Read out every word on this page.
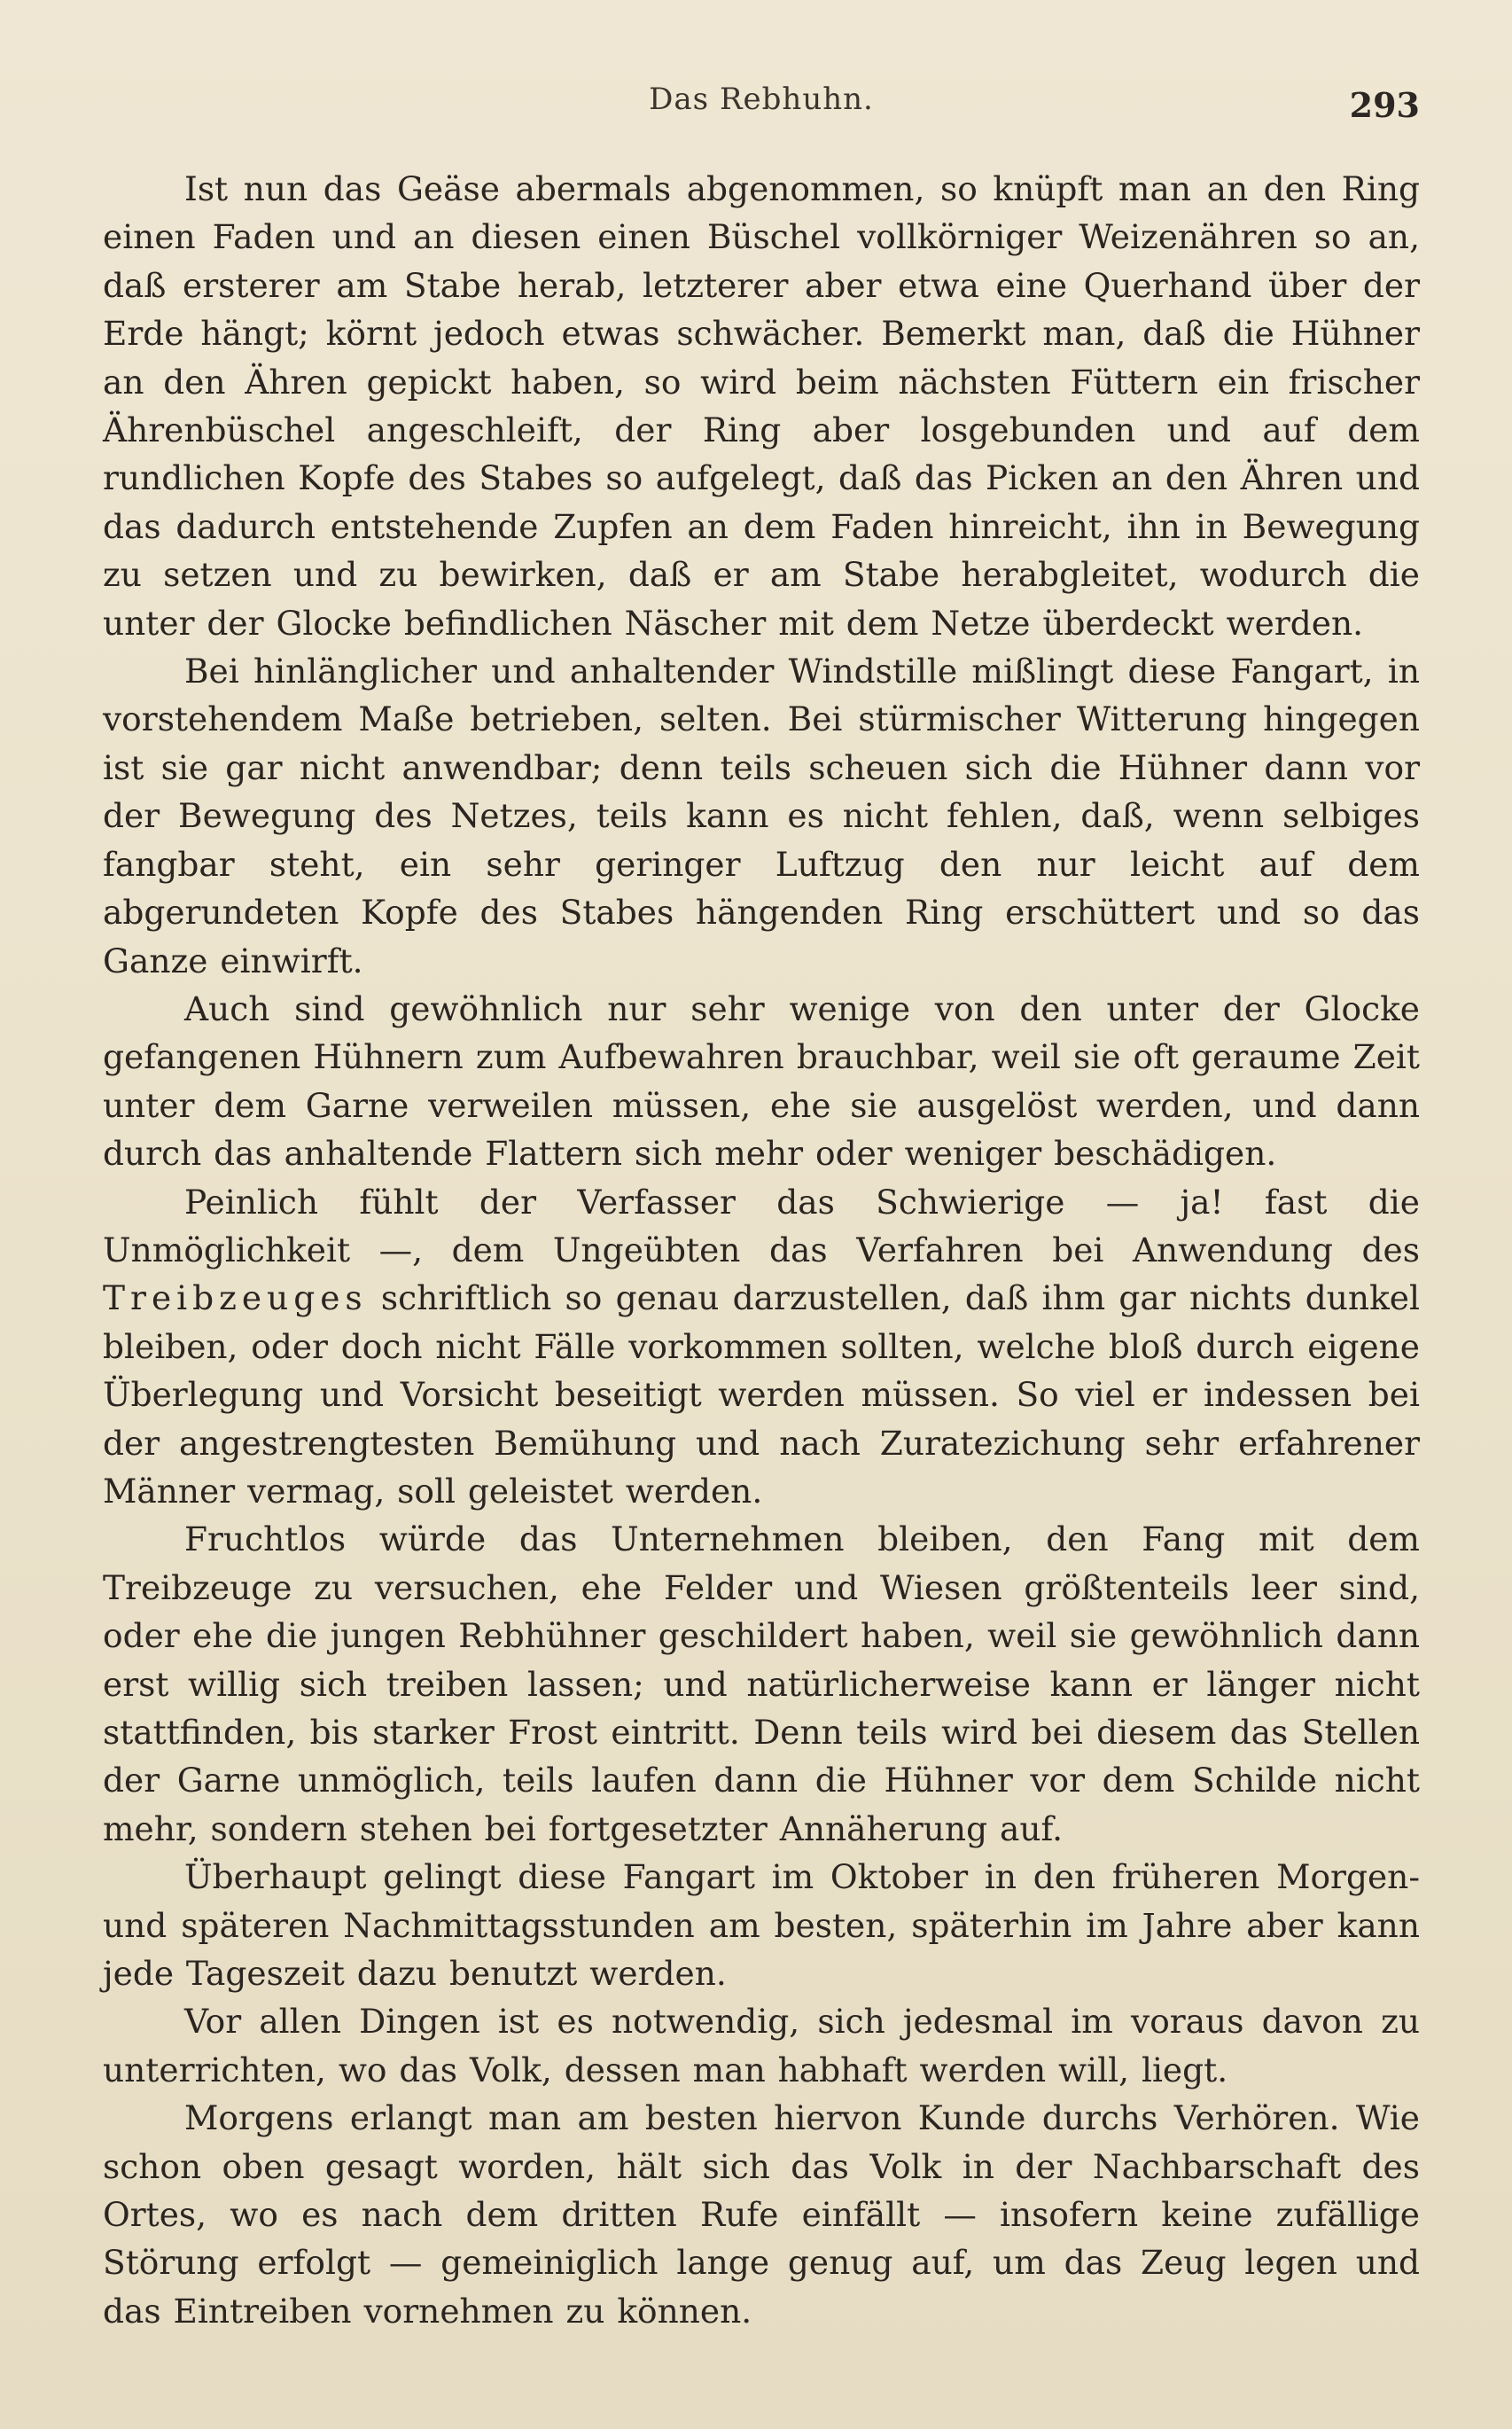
Das Rebhuhn.	293

Ist nun das Geäse abermals abgenommen, so knüpft man an den Ring einen Faden und an diesen einen Büschel vollkörniger Weizenähren so an, daß ersterer am Stabe herab, letzterer aber etwa eine Querhand über der Erde hängt; körnt jedoch etwas schwächer. Bemerkt man, daß die Hühner an den Ähren gepickt haben, so wird beim nächsten Füttern ein frischer Ährenbüschel angeschleift, der Ring aber losgebunden und auf dem rundlichen Kopfe des Stabes so aufgelegt, daß das Picken an den Ähren und das dadurch entstehende Zupfen an dem Faden hinreicht, ihn in Bewegung zu setzen und zu bewirken, daß er am Stabe herabgleitet, wodurch die unter der Glocke befindlichen Näscher mit dem Netze überdeckt werden.

Bei hinlänglicher und anhaltender Windstille mißlingt diese Fangart, in vorstehendem Maße betrieben, selten. Bei stürmischer Witterung hingegen ist sie gar nicht anwendbar; denn teils scheuen sich die Hühner dann vor der Bewegung des Netzes, teils kann es nicht fehlen, daß, wenn selbiges fangbar steht, ein sehr geringer Luftzug den nur leicht auf dem abgerundeten Kopfe des Stabes hängenden Ring erschüttert und so das Ganze einwirft.

Auch sind gewöhnlich nur sehr wenige von den unter der Glocke gefangenen Hühnern zum Aufbewahren brauchbar, weil sie oft geraume Zeit unter dem Garne verweilen müssen, ehe sie ausgelöst werden, und dann durch das anhaltende Flattern sich mehr oder weniger beschädigen.

Peinlich fühlt der Verfasser das Schwierige — ja! fast die Unmöglichkeit —, dem Ungeübten das Verfahren bei Anwendung des Treibzeuges schriftlich so genau darzustellen, daß ihm gar nichts dunkel bleiben, oder doch nicht Fälle vorkommen sollten, welche bloß durch eigene Überlegung und Vorsicht beseitigt werden müssen. So viel er indessen bei der angestrengtesten Bemühung und nach Zuratezichung sehr erfahrener Männer vermag, soll geleistet werden.

Fruchtlos würde das Unternehmen bleiben, den Fang mit dem Treibzeuge zu versuchen, ehe Felder und Wiesen größtenteils leer sind, oder ehe die jungen Rebhühner geschildert haben, weil sie gewöhnlich dann erst willig sich treiben lassen; und natürlicherweise kann er länger nicht stattfinden, bis starker Frost eintritt. Denn teils wird bei diesem das Stellen der Garne unmöglich, teils laufen dann die Hühner vor dem Schilde nicht mehr, sondern stehen bei fortgesetzter Annäherung auf.

Überhaupt gelingt diese Fangart im Oktober in den früheren Morgen- und späteren Nachmittagsstunden am besten, späterhin im Jahre aber kann jede Tageszeit dazu benutzt werden.

Vor allen Dingen ist es notwendig, sich jedesmal im voraus davon zu unterrichten, wo das Volk, dessen man habhaft werden will, liegt.

Morgens erlangt man am besten hiervon Kunde durchs Verhören. Wie schon oben gesagt worden, hält sich das Volk in der Nachbarschaft des Ortes, wo es nach dem dritten Rufe einfällt — insofern keine zufällige Störung erfolgt — gemeiniglich lange genug auf, um das Zeug legen und das Eintreiben vornehmen zu können.
